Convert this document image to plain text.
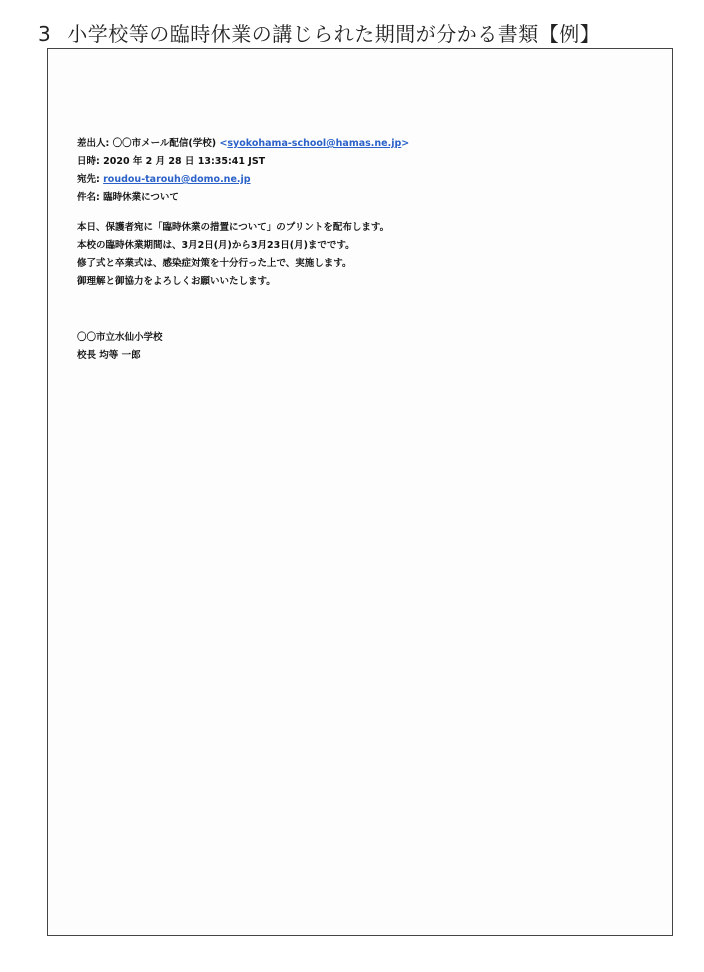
3 小学校等の臨時休業の講じられた期間が分かる書類【例】
差出人: 〇〇市メール配信(学校) <syokohama-school@hamas.ne.jp>
日時: 2020 年 2 月 28 日 13:35:41 JST
宛先: roudou-tarouh@domo.ne.jp
件名: 臨時休業について
本日、保護者宛に「臨時休業の措置について」のプリントを配布します。
本校の臨時休業期間は、3月2日(月)から3月23日(月)までです。
修了式と卒業式は、感染症対策を十分行った上で、実施します。
御理解と御協力をよろしくお願いいたします。
〇〇市立水仙小学校
校長 均等 一郎
